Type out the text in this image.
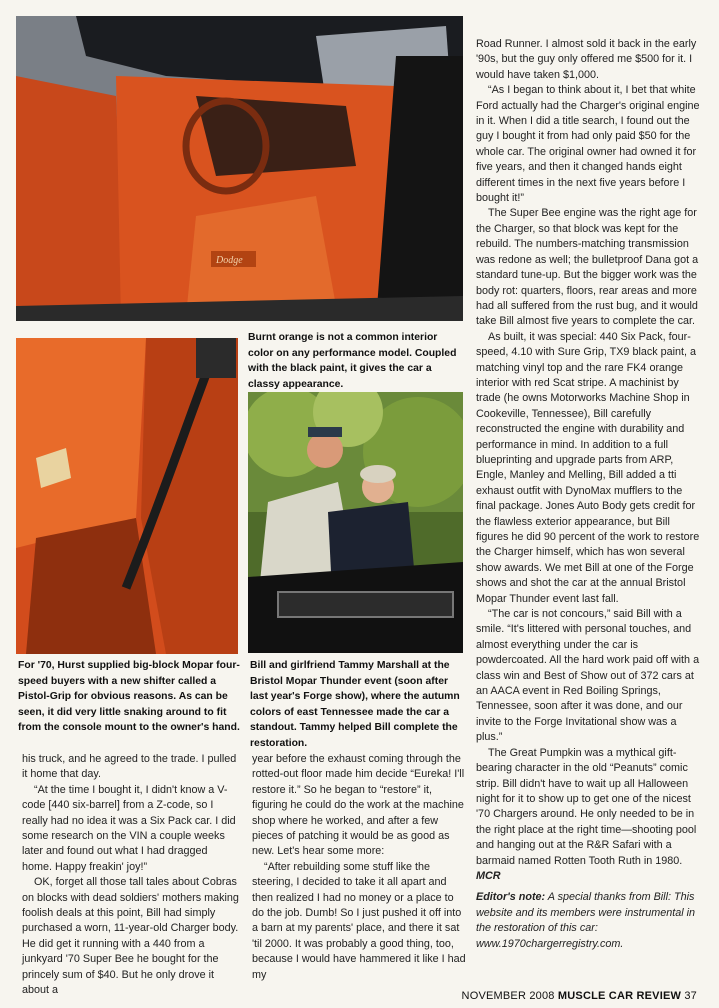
Dodge
Burnt orange is not a common interior color on any performance model. Coupled with the black paint, it gives the car a classy appearance.
For '70, Hurst supplied big-block Mopar four-speed buyers with a new shifter called a Pistol-Grip for obvious reasons. As can be seen, it did very little snaking around to fit from the console mount to the owner's hand.
Bill and girlfriend Tammy Marshall at the Bristol Mopar Thunder event (soon after last year's Forge show), where the autumn colors of east Tennessee made the car a standout. Tammy helped Bill complete the restoration.

his truck, and he agreed to the trade. I pulled it home that day.

“At the time I bought it, I didn't know a V-code [440 six-barrel] from a Z-code, so I really had no idea it was a Six Pack car. I did some research on the VIN a couple weeks later and found out what I had dragged home. Happy freakin' joy!”

OK, forget all those tall tales about Cobras on blocks with dead soldiers' mothers making foolish deals at this point, Bill had simply purchased a worn, 11-year-old Charger body. He did get it running with a 440 from a junkyard '70 Super Bee he bought for the princely sum of $40. But he only drove it about a

year before the exhaust coming through the rotted-out floor made him decide “Eureka! I'll restore it.” So he began to “restore” it, figuring he could do the work at the machine shop where he worked, and after a few pieces of patching it would be as good as new. Let's hear some more:

“After rebuilding some stuff like the steering, I decided to take it all apart and then realized I had no money or a place to do the job. Dumb! So I just pushed it off into a barn at my parents' place, and there it sat 'til 2000. It was probably a good thing, too, because I would have hammered it like I had my

Road Runner. I almost sold it back in the early '90s, but the guy only offered me $500 for it. I would have taken $1,000.

“As I began to think about it, I bet that white Ford actually had the Charger's original engine in it. When I did a title search, I found out the guy I bought it from had only paid $50 for the whole car. The original owner had owned it for five years, and then it changed hands eight different times in the next five years before I bought it!”

The Super Bee engine was the right age for the Charger, so that block was kept for the rebuild. The numbers-matching transmission was redone as well; the bulletproof Dana got a standard tune-up. But the bigger work was the body rot: quarters, floors, rear areas and more had all suffered from the rust bug, and it would take Bill almost five years to complete the car.

As built, it was special: 440 Six Pack, four-speed, 4.10 with Sure Grip, TX9 black paint, a matching vinyl top and the rare FK4 orange interior with red Scat stripe. A machinist by trade (he owns Motorworks Machine Shop in Cookeville, Tennessee), Bill carefully reconstructed the engine with durability and performance in mind. In addition to a full blueprinting and upgrade parts from ARP, Engle, Manley and Melling, Bill added a tti exhaust outfit with DynoMax mufflers to the final package. Jones Auto Body gets credit for the flawless exterior appearance, but Bill figures he did 90 percent of the work to restore the Charger himself, which has won several show awards. We met Bill at one of the Forge shows and shot the car at the annual Bristol Mopar Thunder event last fall.

“The car is not concours,” said Bill with a smile. “It's littered with personal touches, and almost everything under the car is powdercoated. All the hard work paid off with a class win and Best of Show out of 372 cars at an AACA event in Red Boiling Springs, Tennessee, soon after it was done, and our invite to the Forge Invitational show was a plus.”

The Great Pumpkin was a mythical gift-bearing character in the old “Peanuts” comic strip. Bill didn't have to wait up all Halloween night for it to show up to get one of the nicest '70 Chargers around. He only needed to be in the right place at the right time—shooting pool and hanging out at the R&R Safari with a barmaid named Rotten Tooth Ruth in 1980. MCR

Editor's note: A special thanks from Bill: This website and its members were instrumental in the restoration of this car: www.1970chargerregistry.com.

NOVEMBER 2008 MUSCLE CAR REVIEW 37
